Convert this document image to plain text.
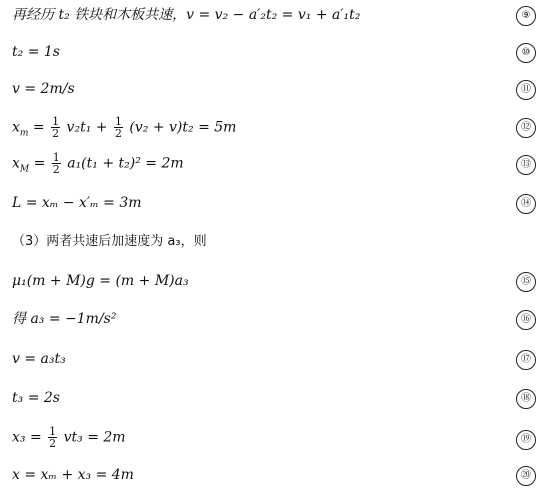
再经历 t₂ 铁块和木板共速，v = v₂ − a′₂t₂ = v₁ + a′₁t₂	⑨
t₂ = 1s	⑩
v = 2m/s	⑪
$x_m = \frac{1}{2} v_2t_1 + \frac{1}{2} (v_2 + v)t_2 = 5m$	⑫
$x_M = \frac{1}{2} a_1(t_1 + t_2)^2 = 2m$	⑬
L = xₘ − x′ₘ = 3m	⑭
（3）两者共速后加速度为 a₃，则
μ₁(m + M)g = (m + M)a₃	⑮
得 a₃ = −1m/s²	⑯
v = a₃t₃	⑰
t₃ = 2s	⑱
$x_3 = \frac{1}{2} vt_3 = 2m$	⑲
x = xₘ + x₃ = 4m	⑳
